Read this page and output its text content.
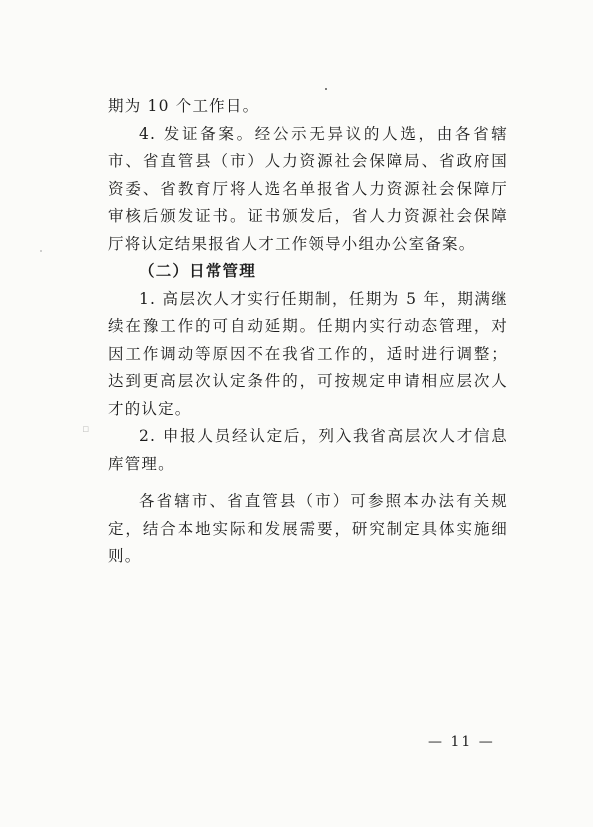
▫

期为 10 个工作日。

4. 发证备案。经公示无异议的人选，由各省辖市、省直管县（市）人力资源社会保障局、省政府国资委、省教育厅将人选名单报省人力资源社会保障厅审核后颁发证书。证书颁发后，省人力资源社会保障厅将认定结果报省人才工作领导小组办公室备案。

（二）日常管理

1. 高层次人才实行任期制，任期为 5 年，期满继续在豫工作的可自动延期。任期内实行动态管理，对因工作调动等原因不在我省工作的，适时进行调整；达到更高层次认定条件的，可按规定申请相应层次人才的认定。

2. 申报人员经认定后，列入我省高层次人才信息库管理。

各省辖市、省直管县（市）可参照本办法有关规定，结合本地实际和发展需要，研究制定具体实施细则。

— 11 —
